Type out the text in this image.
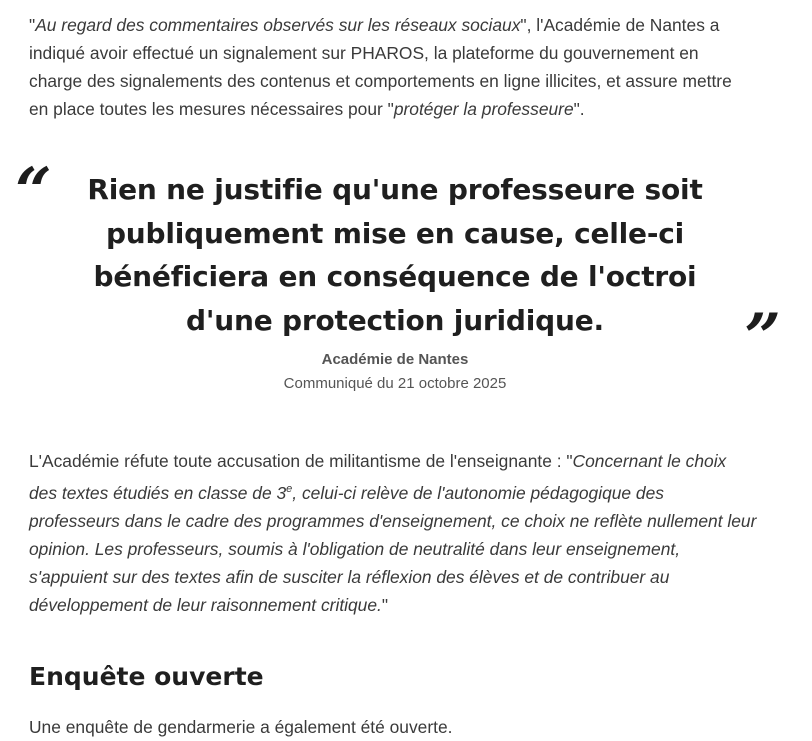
"Au regard des commentaires observés sur les réseaux sociaux", l'Académie de Nantes a indiqué avoir effectué un signalement sur PHAROS, la plateforme du gouvernement en charge des signalements des contenus et comportements en ligne illicites, et assure mettre en place toutes les mesures nécessaires pour "protéger la professeure".

“	Rien ne justifie qu'une professeure soit publiquement mise en cause, celle-ci bénéficiera en conséquence de l'octroi d'une protection juridique.	”
Académie de Nantes
Communiqué du 21 octobre 2025

L'Académie réfute toute accusation de militantisme de l'enseignante : "Concernant le choix des textes étudiés en classe de 3e, celui-ci relève de l'autonomie pédagogique des professeurs dans le cadre des programmes d'enseignement, ce choix ne reflète nullement leur opinion. Les professeurs, soumis à l'obligation de neutralité dans leur enseignement, s'appuient sur des textes afin de susciter la réflexion des élèves et de contribuer au développement de leur raisonnement critique."

Enquête ouverte

Une enquête de gendarmerie a également été ouverte.
